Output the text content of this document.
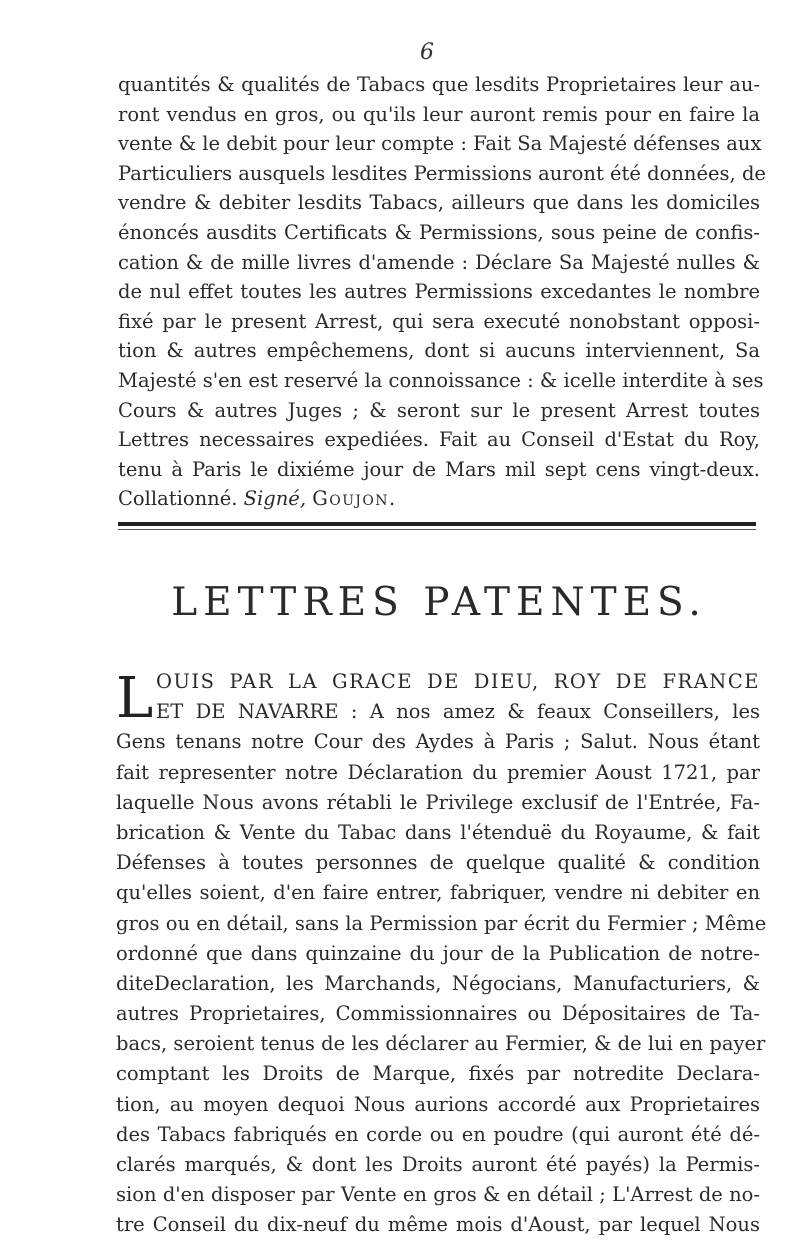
6
quantités & qualités de Tabacs que lesdits Proprietaires leur au-
ront vendus en gros, ou qu'ils leur auront remis pour en faire la
vente & le debit pour leur compte : Fait Sa Majesté défenses aux
Particuliers ausquels lesdites Permissions auront été données, de
vendre & debiter lesdits Tabacs, ailleurs que dans les domiciles
énoncés ausdits Certificats & Permissions, sous peine de confis-
cation & de mille livres d'amende : Déclare Sa Majesté nulles &
de nul effet toutes les autres Permissions excedantes le nombre
fixé par le present Arrest, qui sera executé nonobstant opposi-
tion & autres empêchemens, dont si aucuns interviennent, Sa
Majesté s'en est reservé la connoissance : & icelle interdite à ses
Cours & autres Juges ; & seront sur le present Arrest toutes
Lettres necessaires expediées. Fait au Conseil d'Estat du Roy,
tenu à Paris le dixiéme jour de Mars mil sept cens vingt-deux.
Collationné. Signé, Goujon.
LETTRES PATENTES.
L OUIS PAR LA GRACE DE DIEU, ROY DE FRANCE
ET DE NAVARRE : A nos amez & feaux Conseillers, les
Gens tenans notre Cour des Aydes à Paris ; Salut. Nous étant
fait representer notre Déclaration du premier Aoust 1721, par
laquelle Nous avons rétabli le Privilege exclusif de l'Entrée, Fa-
brication & Vente du Tabac dans l'étenduë du Royaume, & fait
Défenses à toutes personnes de quelque qualité & condition
qu'elles soient, d'en faire entrer, fabriquer, vendre ni debiter en
gros ou en détail, sans la Permission par écrit du Fermier ; Même
ordonné que dans quinzaine du jour de la Publication de notre-
diteDeclaration, les Marchands, Négocians, Manufacturiers, &
autres Proprietaires, Commissionnaires ou Dépositaires de Ta-
bacs, seroient tenus de les déclarer au Fermier, & de lui en payer
comptant les Droits de Marque, fixés par notredite Declara-
tion, au moyen dequoi Nous aurions accordé aux Proprietaires
des Tabacs fabriqués en corde ou en poudre (qui auront été dé-
clarés marqués, & dont les Droits auront été payés) la Permis-
sion d'en disposer par Vente en gros & en détail ; L'Arrest de no-
tre Conseil du dix-neuf du même mois d'Aoust, par lequel Nous
